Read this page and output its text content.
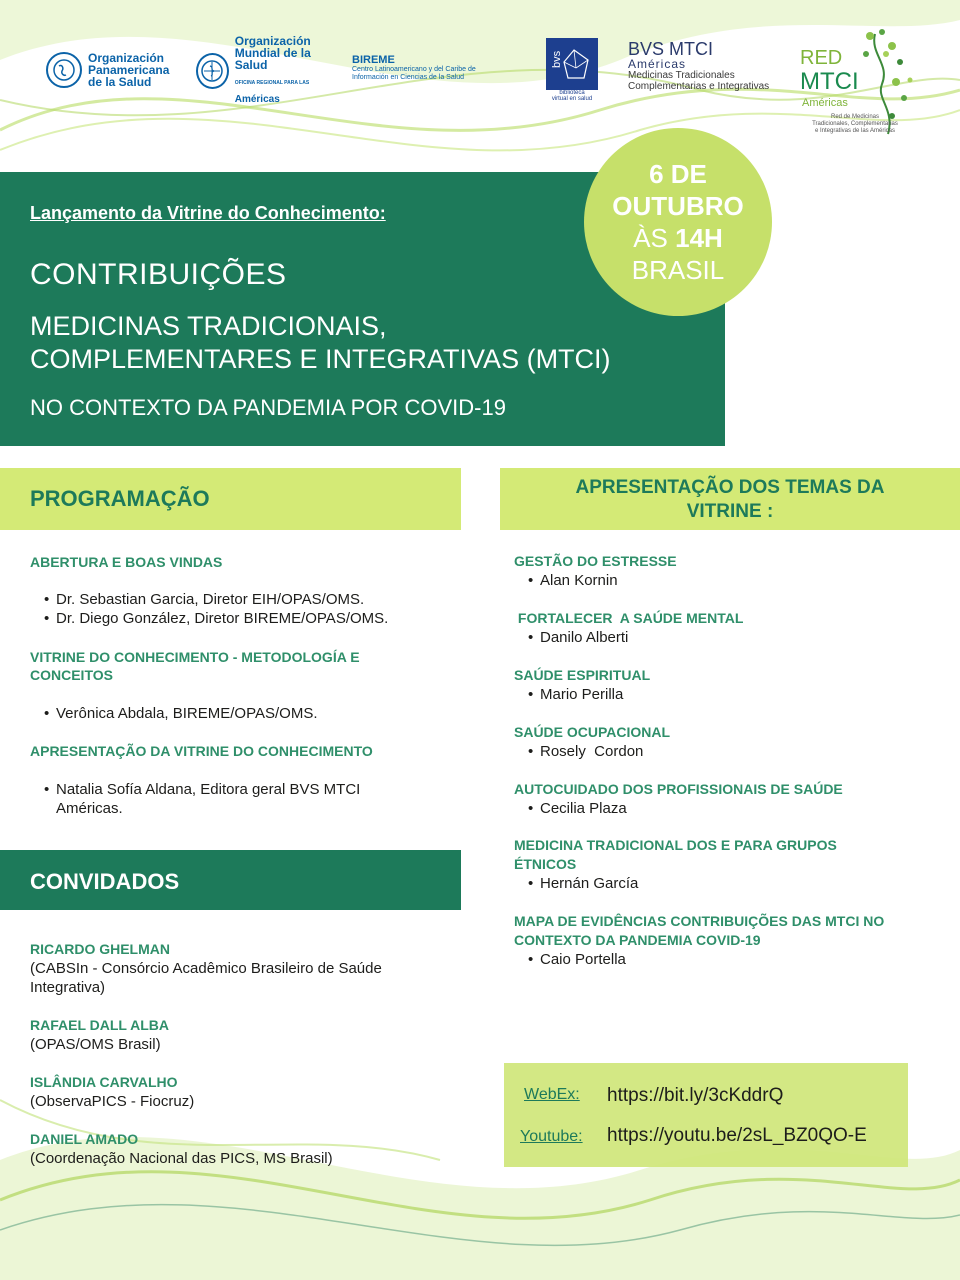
Organización
Panamericana
de la Salud
Organización
Mundial de la Salud
OFICINA REGIONAL PARA LAS Américas
BIREME
Centro Latinoamericano y del Caribe de
Información en Ciencias de la Salud
bvs
biblioteca
virtual en salud
BVS MTCI
Américas
Medicinas Tradicionales
Complementarias e Integrativas
RED
MTCI
Américas
Red de Medicinas
Tradicionales, Complementarias
e Integrativas de las Américas
Lançamento da Vitrine do Conhecimento:
CONTRIBUIÇÕES
MEDICINAS TRADICIONAIS,
COMPLEMENTARES E INTEGRATIVAS (MTCI)
NO CONTEXTO DA PANDEMIA POR COVID-19
6 DE
OUTUBRO
ÀS 14H
BRASIL
PROGRAMAÇÃO
ABERTURA E BOAS VINDAS
• Dr. Sebastian Garcia, Diretor EIH/OPAS/OMS.
• Dr. Diego González, Diretor BIREME/OPAS/OMS.
VITRINE DO CONHECIMENTO - METODOLOGÍA E
CONCEITOS
• Verônica Abdala, BIREME/OPAS/OMS.
APRESENTAÇÃO DA VITRINE DO CONHECIMENTO
• Natalia Sofía Aldana, Editora geral BVS MTCI
Américas.
APRESENTAÇÃO DOS TEMAS DA
VITRINE :
GESTÃO DO ESTRESSE
• Alan Kornin
FORTALECER  A SAÚDE MENTAL
• Danilo Alberti
SAÚDE ESPIRITUAL
• Mario Perilla
SAÚDE OCUPACIONAL
• Rosely  Cordon
AUTOCUIDADO DOS PROFISSIONAIS DE SAÚDE
• Cecilia Plaza
MEDICINA TRADICIONAL DOS E PARA GRUPOS
ÉTNICOS
• Hernán García
MAPA DE EVIDÊNCIAS CONTRIBUIÇÕES DAS MTCI NO
CONTEXTO DA PANDEMIA COVID-19
• Caio Portella
CONVIDADOS
RICARDO GHELMAN
(CABSIn - Consórcio Acadêmico Brasileiro de Saúde
Integrativa)
RAFAEL DALL ALBA
(OPAS/OMS Brasil)
ISLÂNDIA CARVALHO
(ObservaPICS - Fiocruz)
DANIEL AMADO
(Coordenação Nacional das PICS, MS Brasil)
WebEx: https://bit.ly/3cKddrQ
Youtube: https://youtu.be/2sL_BZ0QO-E
